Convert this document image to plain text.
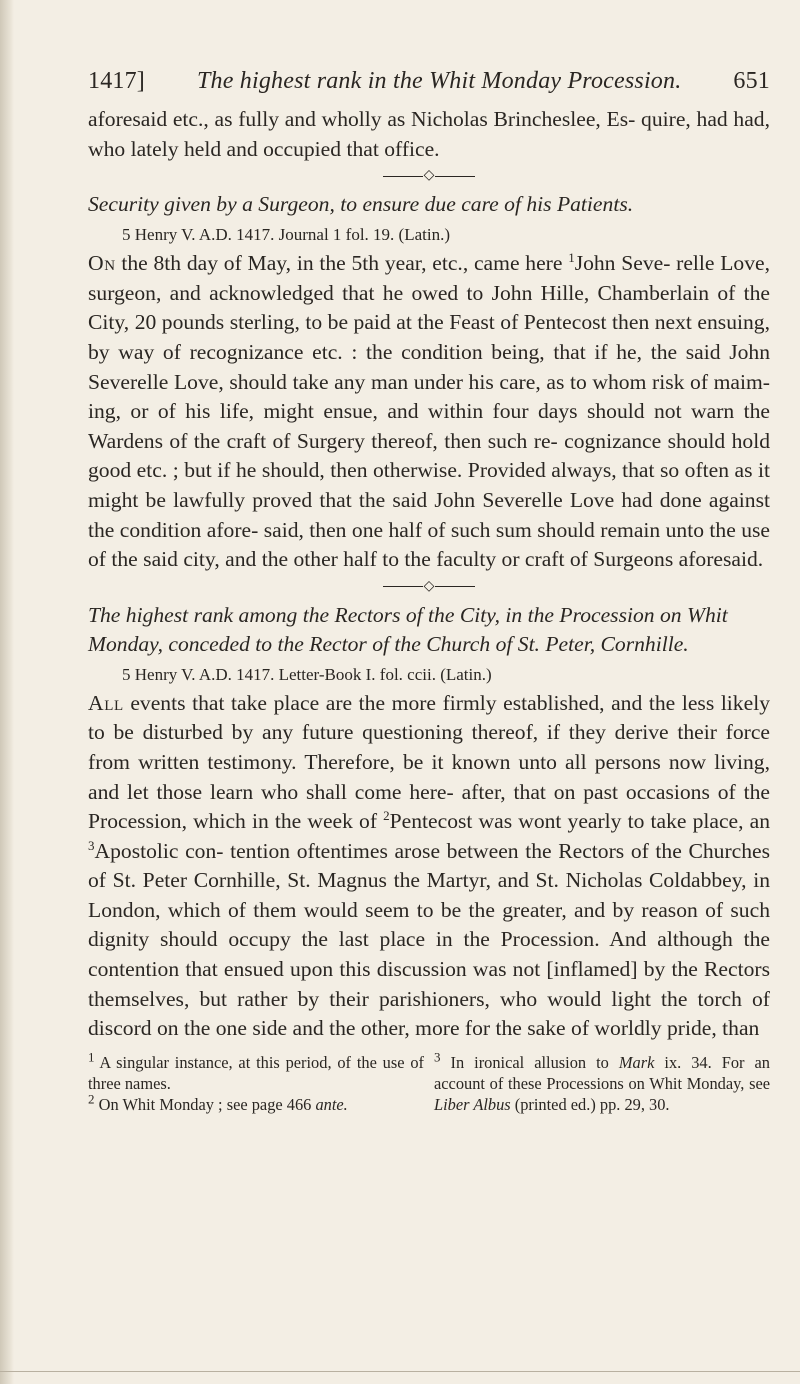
1417] The highest rank in the Whit Monday Procession. 651

aforesaid etc., as fully and wholly as Nicholas Brincheslee, Es- quire, had had, who lately held and occupied that office.

◇

Security given by a Surgeon, to ensure due care of his Patients.

5 Henry V. A.D. 1417. Journal 1 fol. 19. (Latin.)

On the 8th day of May, in the 5th year, etc., came here $^1$John Seve- relle Love, surgeon, and acknowledged that he owed to John Hille, Chamberlain of the City, 20 pounds sterling, to be paid at the Feast of Pentecost then next ensuing, by way of recognizance etc. : the condition being, that if he, the said John Severelle Love, should take any man under his care, as to whom risk of maim- ing, or of his life, might ensue, and within four days should not warn the Wardens of the craft of Surgery thereof, then such re- cognizance should hold good etc. ; but if he should, then otherwise. Provided always, that so often as it might be lawfully proved that the said John Severelle Love had done against the condition afore- said, then one half of such sum should remain unto the use of the said city, and the other half to the faculty or craft of Surgeons aforesaid.

◇

The highest rank among the Rectors of the City, in the Procession on Whit Monday, conceded to the Rector of the Church of St. Peter, Cornhille.

5 Henry V. A.D. 1417. Letter-Book I. fol. ccii. (Latin.)

All events that take place are the more firmly established, and the less likely to be disturbed by any future questioning thereof, if they derive their force from written testimony. Therefore, be it known unto all persons now living, and let those learn who shall come here- after, that on past occasions of the Procession, which in the week of $^2$Pentecost was wont yearly to take place, an $^3$Apostolic con- tention oftentimes arose between the Rectors of the Churches of St. Peter Cornhille, St. Magnus the Martyr, and St. Nicholas Coldabbey, in London, which of them would seem to be the greater, and by reason of such dignity should occupy the last place in the Procession. And although the contention that ensued upon this discussion was not [inflamed] by the Rectors themselves, but rather by their parishioners, who would light the torch of discord on the one side and the other, more for the sake of worldly pride, than

$^1$ A singular instance, at this period, of the use of three names.

$^2$ On Whit Monday ; see page 466 ante.

$^3$ In ironical allusion to Mark ix. 34. For an account of these Processions on Whit Monday, see Liber Albus (printed ed.) pp. 29, 30.
